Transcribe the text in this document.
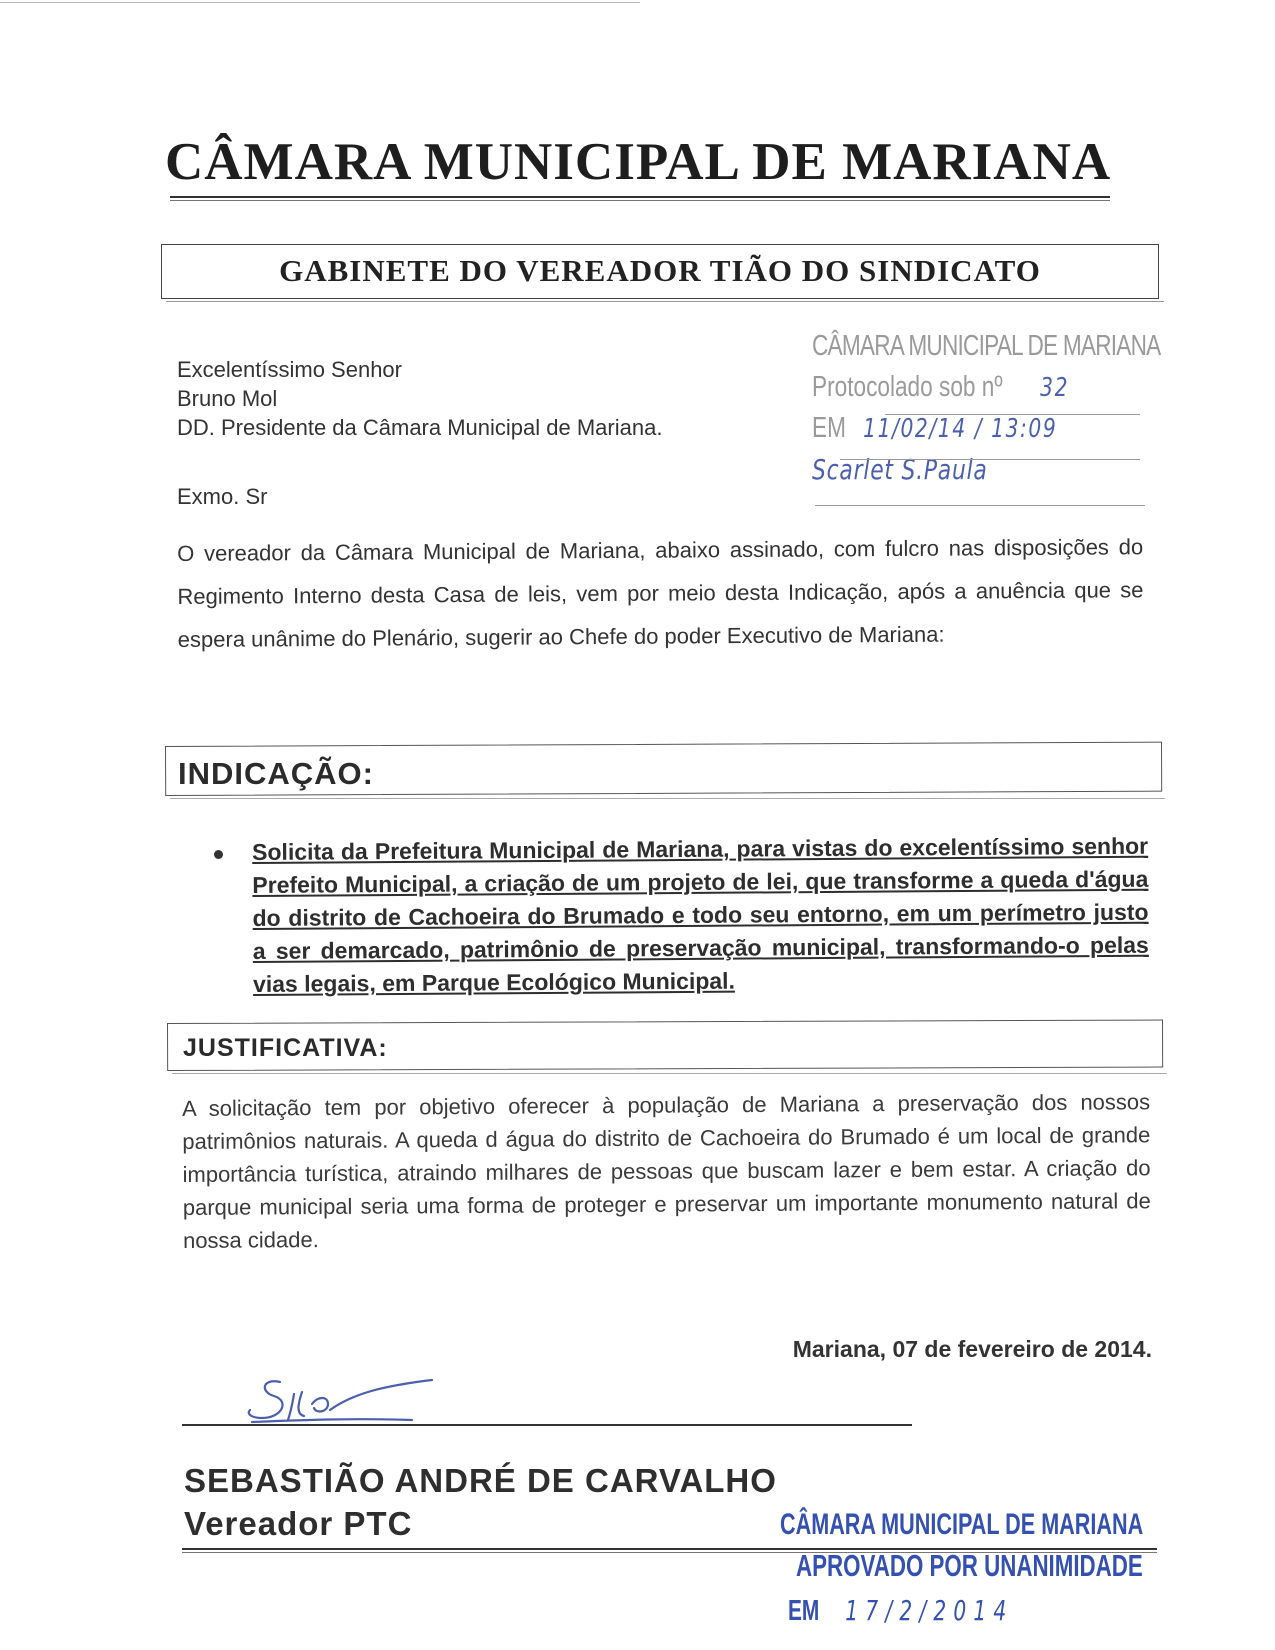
CÂMARA MUNICIPAL DE MARIANA
GABINETE DO VEREADOR TIÃO DO SINDICATO
Excelentíssimo Senhor
Bruno Mol
DD. Presidente da Câmara Municipal de Mariana.
CÂMARA MUNICIPAL DE MARIANA
Protocolado sob nº 32
EM 11/02/14 / 13:09
Scarlet S.Paula
Exmo. Sr
O vereador da Câmara Municipal de Mariana, abaixo assinado, com fulcro nas disposições do Regimento Interno desta Casa de leis, vem por meio desta Indicação, após a anuência que se espera unânime do Plenário, sugerir ao Chefe do poder Executivo de Mariana:
INDICAÇÃO:
Solicita da Prefeitura Municipal de Mariana, para vistas do excelentíssimo senhor Prefeito Municipal, a criação de um projeto de lei, que transforme a queda d'água do distrito de Cachoeira do Brumado e todo seu entorno, em um perímetro justo a ser demarcado, patrimônio de preservação municipal, transformando-o pelas vias legais, em Parque Ecológico Municipal.
JUSTIFICATIVA:
A solicitação tem por objetivo oferecer à população de Mariana a preservação dos nossos patrimônios naturais. A queda d água do distrito de Cachoeira do Brumado é um local de grande importância turística, atraindo milhares de pessoas que buscam lazer e bem estar. A criação do parque municipal seria uma forma de proteger e preservar um importante monumento natural de nossa cidade.
Mariana, 07 de fevereiro de 2014.
SEBASTIÃO ANDRÉ DE CARVALHO
Vereador PTC	CÂMARA MUNICIPAL DE MARIANA
APROVADO POR UNANIMIDADE
EM 17/2/2014
